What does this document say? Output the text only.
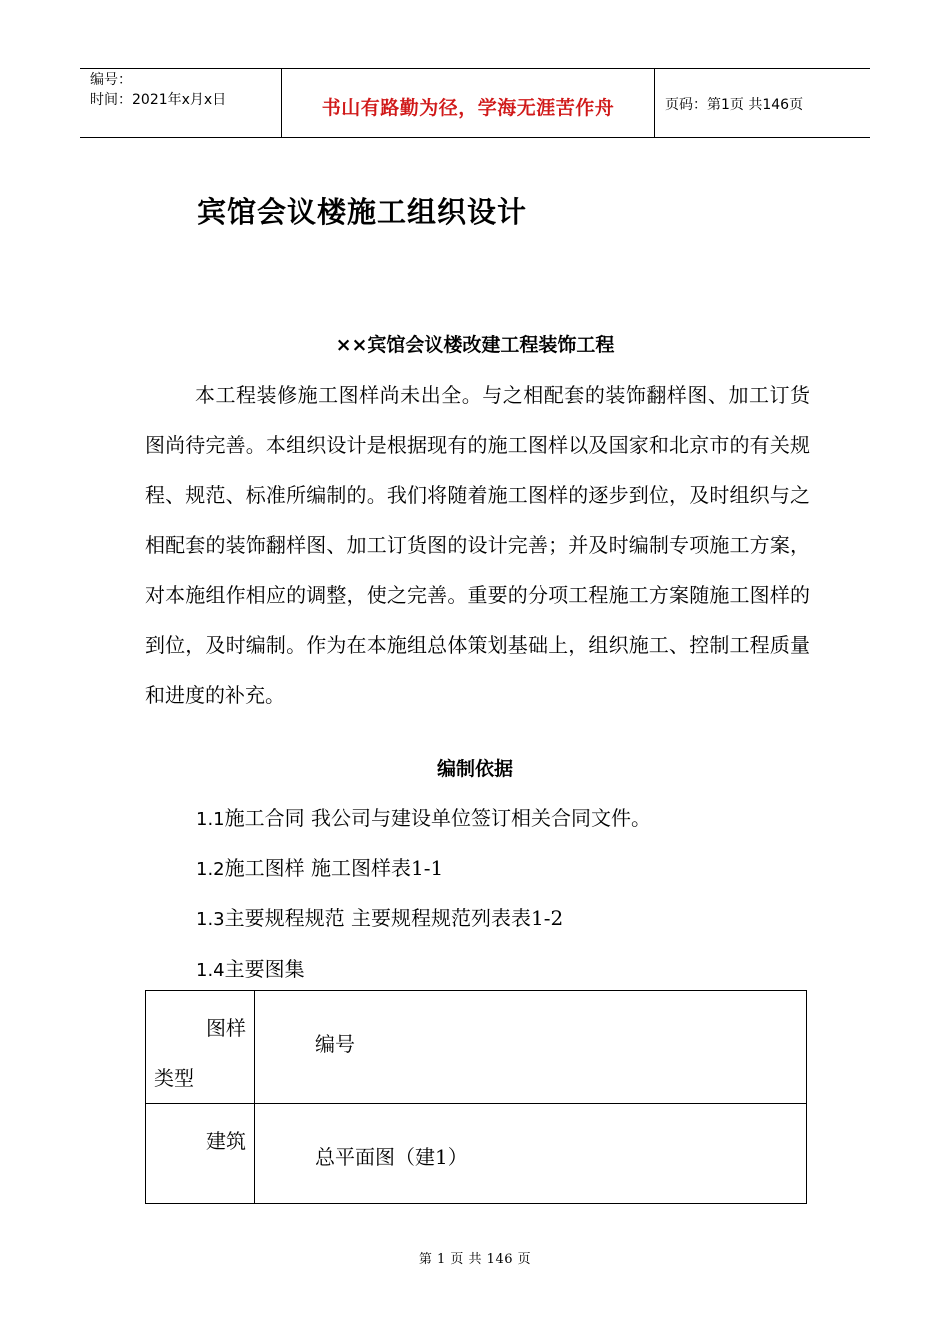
编号：
时间：2021年x月x日	书山有路勤为径，学海无涯苦作舟	页码：第1页 共146页
宾馆会议楼施工组织设计
××宾馆会议楼改建工程装饰工程
本工程装修施工图样尚未出全。与之相配套的装饰翻样图、加工订货图尚待完善。本组织设计是根据现有的施工图样以及国家和北京市的有关规程、规范、标准所编制的。我们将随着施工图样的逐步到位，及时组织与之相配套的装饰翻样图、加工订货图的设计完善；并及时编制专项施工方案，对本施组作相应的调整，使之完善。重要的分项工程施工方案随施工图样的到位，及时编制。作为在本施组总体策划基础上，组织施工、控制工程质量和进度的补充。
编制依据
1.1施工合同 我公司与建设单位签订相关合同文件。
1.2施工图样 施工图样表1-1
1.3主要规程规范 主要规程规范列表表1-2
1.4主要图集
图样类型	编号

建筑	总平面图（建1）
第 1 页 共 146 页
